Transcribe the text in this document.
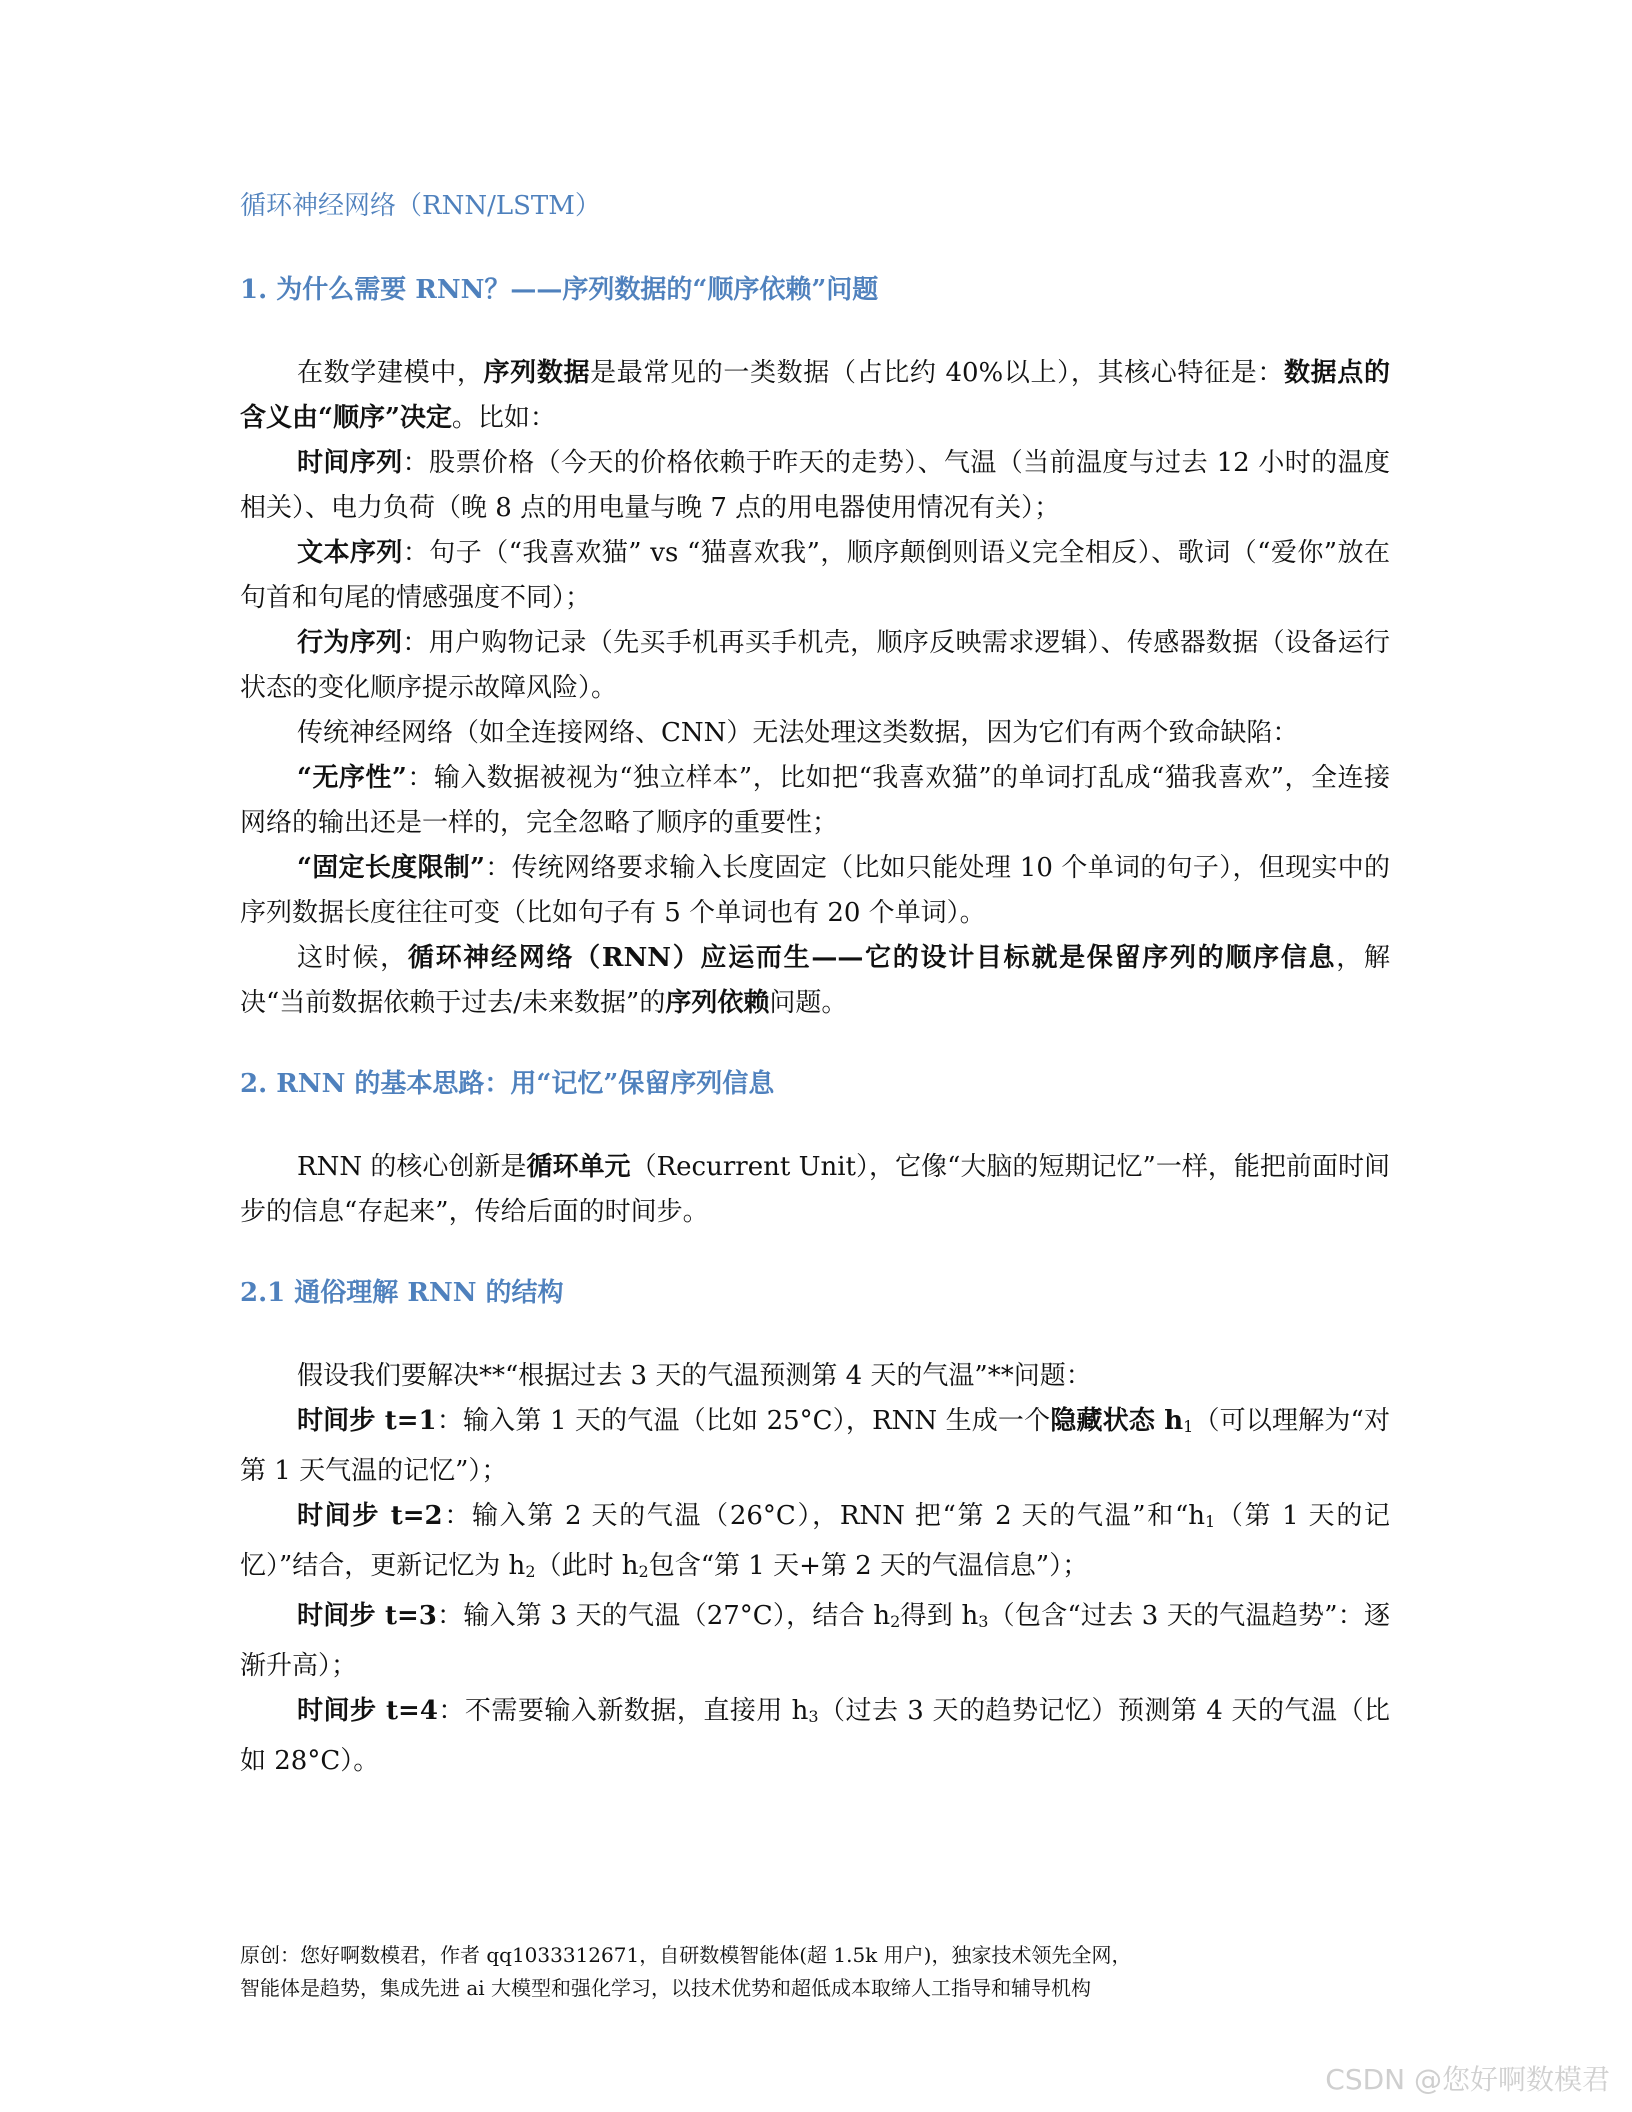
循环神经网络（RNN/LSTM）
1. 为什么需要 RNN？——序列数据的“顺序依赖”问题

在数学建模中，序列数据是最常见的一类数据（占比约 40%以上），其核心特征是：数据点的含义由“顺序”决定。比如：

时间序列：股票价格（今天的价格依赖于昨天的走势）、气温（当前温度与过去 12 小时的温度相关）、电力负荷（晚 8 点的用电量与晚 7 点的用电器使用情况有关）；

文本序列：句子（“我喜欢猫” vs “猫喜欢我”，顺序颠倒则语义完全相反）、歌词（“爱你”放在句首和句尾的情感强度不同）；

行为序列：用户购物记录（先买手机再买手机壳，顺序反映需求逻辑）、传感器数据（设备运行状态的变化顺序提示故障风险）。

传统神经网络（如全连接网络、CNN）无法处理这类数据，因为它们有两个致命缺陷：

“无序性”：输入数据被视为“独立样本”，比如把“我喜欢猫”的单词打乱成“猫我喜欢”，全连接网络的输出还是一样的，完全忽略了顺序的重要性；

“固定长度限制”：传统网络要求输入长度固定（比如只能处理 10 个单词的句子），但现实中的序列数据长度往往可变（比如句子有 5 个单词也有 20 个单词）。

这时候，循环神经网络（RNN）应运而生——它的设计目标就是保留序列的顺序信息，解决“当前数据依赖于过去/未来数据”的序列依赖问题。

2. RNN 的基本思路：用“记忆”保留序列信息

RNN 的核心创新是循环单元（Recurrent Unit），它像“大脑的短期记忆”一样，能把前面时间步的信息“存起来”，传给后面的时间步。

2.1 通俗理解 RNN 的结构

假设我们要解决**“根据过去 3 天的气温预测第 4 天的气温”**问题：

时间步 t=1：输入第 1 天的气温（比如 25°C），RNN 生成一个隐藏状态 $h_1$（可以理解为“对第 1 天气温的记忆”）；

时间步 t=2：输入第 2 天的气温（26°C），RNN 把“第 2 天的气温”和“$h_1$（第 1 天的记忆）”结合，更新记忆为 $h_2$（此时 $h_2$包含“第 1 天+第 2 天的气温信息”）；

时间步 t=3：输入第 3 天的气温（27°C），结合 $h_2$得到 $h_3$（包含“过去 3 天的气温趋势”：逐渐升高）；

时间步 t=4：不需要输入新数据，直接用 $h_3$（过去 3 天的趋势记忆）预测第 4 天的气温（比如 28°C）。

原创：您好啊数模君，作者 qq1033312671，自研数模智能体(超 1.5k 用户)，独家技术领先全网，
智能体是趋势，集成先进 ai 大模型和强化学习，以技术优势和超低成本取缔人工指导和辅导机构
CSDN @您好啊数模君
